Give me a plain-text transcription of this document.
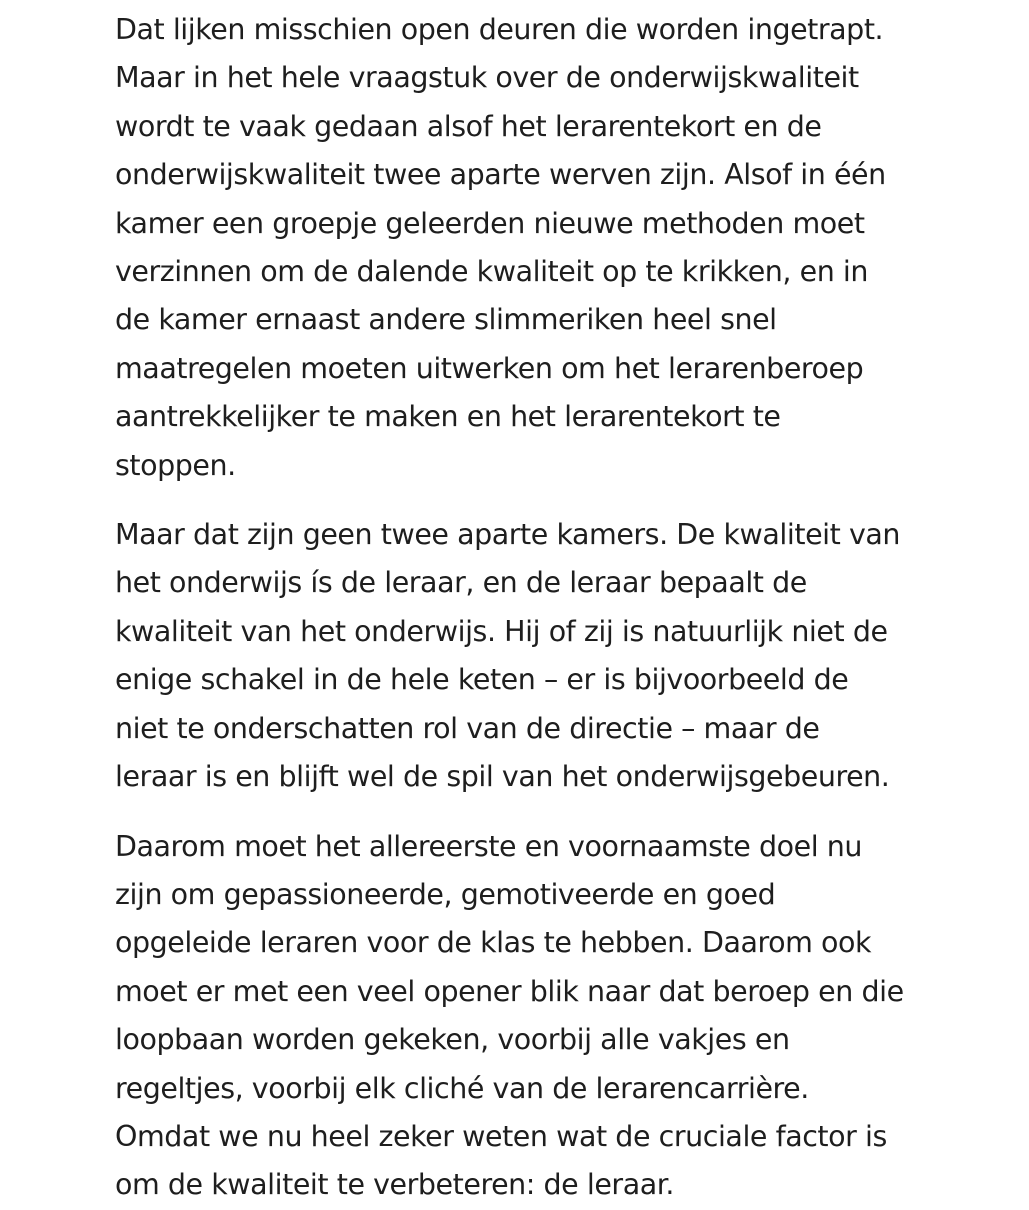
Dat lijken misschien open deuren die worden ingetrapt.
Maar in het hele vraagstuk over de onderwijskwaliteit
wordt te vaak gedaan alsof het lerarentekort en de
onderwijskwaliteit twee aparte werven zijn. Alsof in één
kamer een groepje geleerden nieuwe methoden moet
verzinnen om de dalende kwaliteit op te krikken, en in
de kamer ernaast andere slimmeriken heel snel
maatregelen moeten uitwerken om het lerarenberoep
aantrekkelijker te maken en het lerarentekort te
stoppen.

Maar dat zijn geen twee aparte kamers. De kwaliteit van
het onderwijs ís de leraar, en de leraar bepaalt de
kwaliteit van het onderwijs. Hij of zij is natuurlijk niet de
enige schakel in de hele keten – er is bijvoorbeeld de
niet te onderschatten rol van de directie – maar de
leraar is en blijft wel de spil van het onderwijsgebeuren.

Daarom moet het allereerste en voornaamste doel nu
zijn om gepassioneerde, gemotiveerde en goed
opgeleide leraren voor de klas te hebben. Daarom ook
moet er met een veel opener blik naar dat beroep en die
loopbaan worden gekeken, voorbij alle vakjes en
regeltjes, voorbij elk cliché van de lerarencarrière.
Omdat we nu heel zeker weten wat de cruciale factor is
om de kwaliteit te verbeteren: de leraar.
